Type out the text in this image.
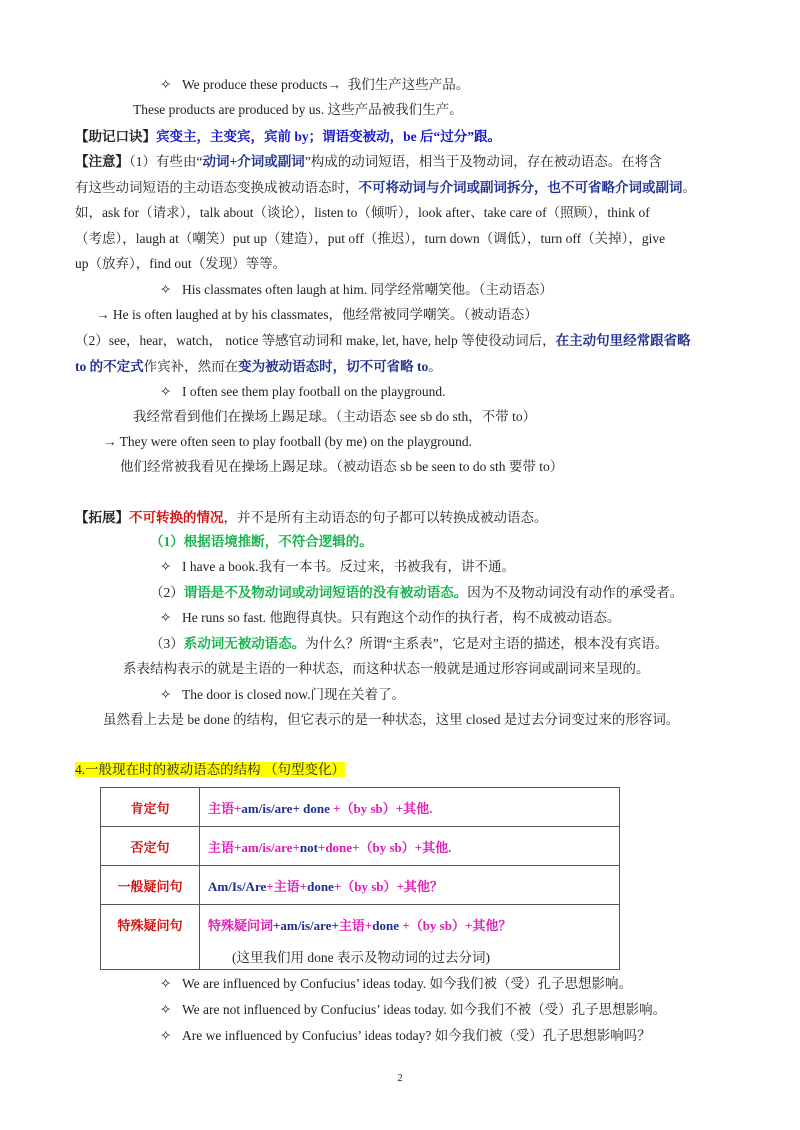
✧ We produce these products→ 我们生产这些产品。
These products are produced by us. 这些产品被我们生产。
【助记口诀】宾变主，主变宾，宾前 by；谓语变被动，be 后“过分”跟。
【注意】（1）有些由“动词+介词或副词”构成的动词短语，相当于及物动词，存在被动语态。在将含
有这些动词短语的主动语态变换成被动语态时，不可将动词与介词或副词拆分，也不可省略介词或副词。
如，ask for（请求），talk about（谈论），listen to（倾听），look after、take care of（照顾），think of
（考虑），laugh at（嘲笑）put up（建造），put off（推迟），turn down（调低），turn off（关掉），give
up（放弃），find out（发现）等等。
✧ His classmates often laugh at him. 同学经常嘲笑他。（主动语态）
→ He is often laughed at by his classmates，他经常被同学嘲笑。（被动语态）
（2）see，hear，watch， notice 等感官动词和 make, let, have, help 等使役动词后，在主动句里经常跟省略
to 的不定式作宾补，然而在变为被动语态时，切不可省略 to。
✧ I often see them play football on the playground.
我经常看到他们在操场上踢足球。（主动语态 see sb do sth，不带 to）
→ They were often seen to play football (by me) on the playground.
他们经常被我看见在操场上踢足球。（被动语态 sb be seen to do sth 要带 to）
【拓展】不可转换的情况，并不是所有主动语态的句子都可以转换成被动语态。
（1）根据语境推断，不符合逻辑的。
✧ I have a book.我有一本书。反过来，书被我有，讲不通。
（2）谓语是不及物动词或动词短语的没有被动语态。因为不及物动词没有动作的承受者。
✧ He runs so fast. 他跑得真快。只有跑这个动作的执行者，构不成被动语态。
（3）系动词无被动语态。为什么？所谓“主系表”，它是对主语的描述，根本没有宾语。
系表结构表示的就是主语的一种状态，而这种状态一般就是通过形容词或副词来呈现的。
✧ The door is closed now.门现在关着了。
虽然看上去是 be done 的结构，但它表示的是一种状态，这里 closed 是过去分词变过来的形容词。
4.一般现在时的被动语态的结构 （句型变化）
肯定句	主语+am/is/are+ done +（by sb）+其他.
否定句	主语+am/is/are+not+done+（by sb）+其他.
一般疑问句	Am/Is/Are+主语+done+（by sb）+其他？
特殊疑问句	特殊疑问词+am/is/are+主语+done +（by sb）+其他？
(这里我们用 done 表示及物动词的过去分词)
✧ We are influenced by Confucius’ ideas today. 如今我们被（受）孔子思想影响。
✧ We are not influenced by Confucius’ ideas today. 如今我们不被（受）孔子思想影响。
✧ Are we influenced by Confucius’ ideas today? 如今我们被（受）孔子思想影响吗？
2
